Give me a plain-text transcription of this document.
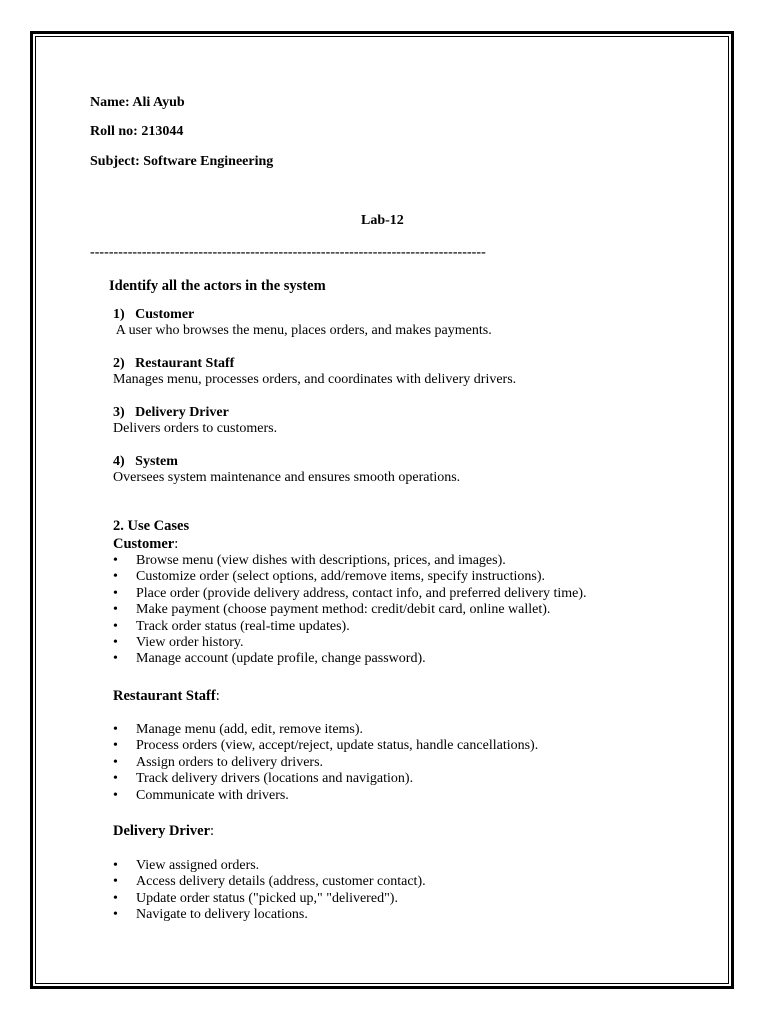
Name: Ali Ayub
Roll no: 213044
Subject: Software Engineering
Lab-12
------------------------------------------------------------------------------------
Identify all the actors in the system
1)   Customer
A user who browses the menu, places orders, and makes payments.
2)   Restaurant Staff
Manages menu, processes orders, and coordinates with delivery drivers.
3)   Delivery Driver
Delivers orders to customers.
4)   System
Oversees system maintenance and ensures smooth operations.
2. Use Cases
Customer:
• Browse menu (view dishes with descriptions, prices, and images).
• Customize order (select options, add/remove items, specify instructions).
• Place order (provide delivery address, contact info, and preferred delivery time).
• Make payment (choose payment method: credit/debit card, online wallet).
• Track order status (real-time updates).
• View order history.
• Manage account (update profile, change password).
Restaurant Staff:
• Manage menu (add, edit, remove items).
• Process orders (view, accept/reject, update status, handle cancellations).
• Assign orders to delivery drivers.
• Track delivery drivers (locations and navigation).
• Communicate with drivers.
Delivery Driver:
• View assigned orders.
• Access delivery details (address, customer contact).
• Update order status ("picked up," "delivered").
• Navigate to delivery locations.
